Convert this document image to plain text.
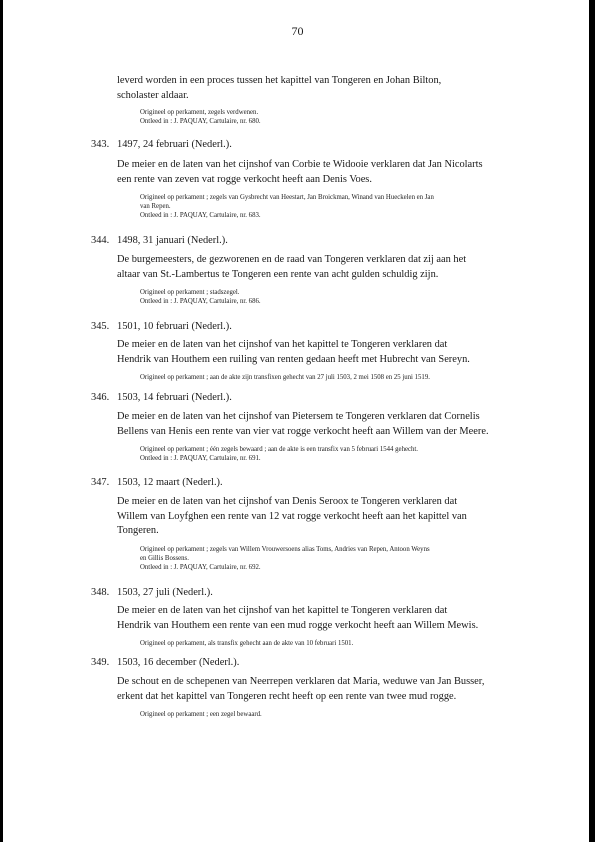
70

leverd worden in een proces tussen het kapittel van Tongeren en Johan Bilton,

scholaster aldaar.

Origineel op perkament, zegels verdwenen.

Ontleed in : J. PAQUAY, Cartulaire, nr. 680.

343. 1497, 24 februari (Nederl.).

De meier en de laten van het cijnshof van Corbie te Widooie verklaren dat Jan Nicolarts

een rente van zeven vat rogge verkocht heeft aan Denis Voes.

Origineel op perkament ; zegels van Gysbrecht van Heestart, Jan Broickman, Winand van Hueckelen en Jan

van Repen.

Ontleed in : J. PAQUAY, Cartulaire, nr. 683.

344. 1498, 31 januari (Nederl.).

De burgemeesters, de gezworenen en de raad van Tongeren verklaren dat zij aan het

altaar van St.-Lambertus te Tongeren een rente van acht gulden schuldig zijn.

Origineel op perkament ; stadszegel.

Ontleed in : J. PAQUAY, Cartulaire, nr. 686.

345. 1501, 10 februari (Nederl.).

De meier en de laten van het cijnshof van het kapittel te Tongeren verklaren dat

Hendrik van Houthem een ruiling van renten gedaan heeft met Hubrecht van Sereyn.

Origineel op perkament ; aan de akte zijn transfixen gehecht van 27 juli 1503, 2 mei 1508 en 25 juni 1519.

346. 1503, 14 februari (Nederl.).

De meier en de laten van het cijnshof van Pietersem te Tongeren verklaren dat Cornelis

Bellens van Henis een rente van vier vat rogge verkocht heeft aan Willem van der Meere.

Origineel op perkament ; één zegels bewaard ; aan de akte is een transfix van 5 februari 1544 gehecht.

Ontleed in : J. PAQUAY, Cartulaire, nr. 691.

347. 1503, 12 maart (Nederl.).

De meier en de laten van het cijnshof van Denis Seroox te Tongeren verklaren dat

Willem van Loyfghen een rente van 12 vat rogge verkocht heeft aan het kapittel van

Tongeren.

Origineel op perkament ; zegels van Willem Vrouwersoens alias Toms, Andries van Repen, Antoon Weyns

en Gillis Bossens.

Ontleed in : J. PAQUAY, Cartulaire, nr. 692.

348. 1503, 27 juli (Nederl.).

De meier en de laten van het cijnshof van het kapittel te Tongeren verklaren dat

Hendrik van Houthem een rente van een mud rogge verkocht heeft aan Willem Mewis.

Origineel op perkament, als transfix gehecht aan de akte van 10 februari 1501.

349. 1503, 16 december (Nederl.).

De schout en de schepenen van Neerrepen verklaren dat Maria, weduwe van Jan Busser,

erkent dat het kapittel van Tongeren recht heeft op een rente van twee mud rogge.

Origineel op perkament ; een zegel bewaard.
